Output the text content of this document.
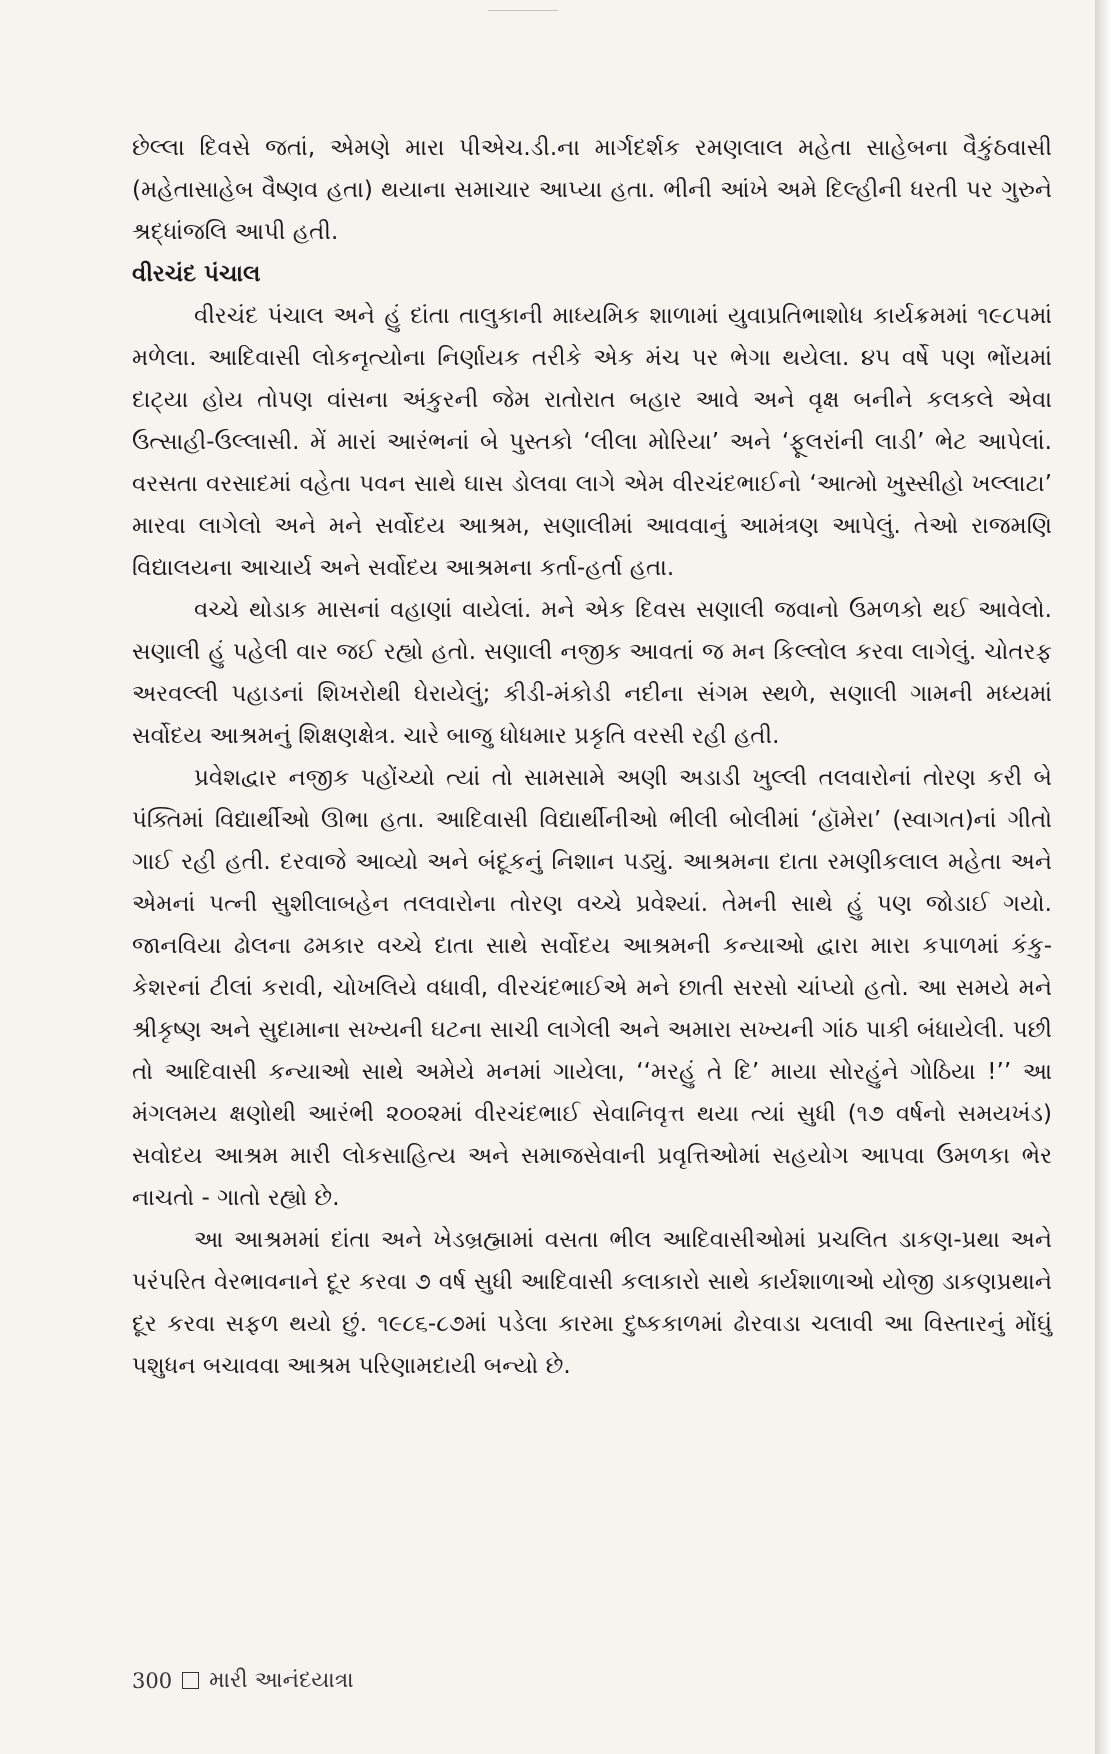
છેલ્લા દિવસે જતાં, એમણે મારા પીએચ.ડી.ના માર્ગદર્શક રમણલાલ મહેતા સાહેબના વૈકુંઠવાસી (મહેતાસાહેબ વૈષ્ણવ હતા) થયાના સમાચાર આપ્યા હતા. ભીની આંખે અમે દિલ્હીની ધરતી પર ગુરુને શ્રદ્ધાંજલિ આપી હતી.

વીરચંદ પંચાલ

વીરચંદ પંચાલ અને હું દાંતા તાલુકાની માધ્યમિક શાળામાં યુવાપ્રતિભાશોધ કાર્યક્રમમાં ૧૯૮૫માં મળેલા. આદિવાસી લોકનૃત્યોના નિર્ણાયક તરીકે એક મંચ પર ભેગા થયેલા. ૪૫ વર્ષે પણ ભોંયમાં દાટ્યા હોય તોપણ વાંસના અંકુરની જેમ રાતોરાત બહાર આવે અને વૃક્ષ બનીને કલકલે એવા ઉત્સાહી-ઉલ્લાસી. મેં મારાં આરંભનાં બે પુસ્તકો ‘લીલા મોરિયા’ અને ‘ફૂલરાંની લાડી’ ભેટ આપેલાં. વરસતા વરસાદમાં વહેતા પવન સાથે ઘાસ ડોલવા લાગે એમ વીરચંદભાઈનો ‘આત્મો ખુસ્સીહો ખલ્લાટા’ મારવા લાગેલો અને મને સર્વોદય આશ્રમ, સણાલીમાં આવવાનું આમંત્રણ આપેલું. તેઓ રાજમણિ વિદ્યાલયના આચાર્ય અને સર્વોદય આશ્રમના કર્તા-હર્તા હતા.

વચ્ચે થોડાક માસનાં વહાણાં વાયેલાં. મને એક દિવસ સણાલી જવાનો ઉમળકો થઈ આવેલો. સણાલી હું પહેલી વાર જઈ રહ્યો હતો. સણાલી નજીક આવતાં જ મન કિલ્લોલ કરવા લાગેલું. ચોતરફ અરવલ્લી પહાડનાં શિખરોથી ઘેરાયેલું; કીડી-મંકોડી નદીના સંગમ સ્થળે, સણાલી ગામની મધ્યમાં સર્વોદય આશ્રમનું શિક્ષણક્ષેત્ર. ચારે બાજુ ધોધમાર પ્રકૃતિ વરસી રહી હતી.

પ્રવેશદ્વાર નજીક પહોંચ્યો ત્યાં તો સામસામે અણી અડાડી ખુલ્લી તલવારોનાં તોરણ કરી બે પંક્તિમાં વિદ્યાર્થીઓ ઊભા હતા. આદિવાસી વિદ્યાર્થીનીઓ ભીલી બોલીમાં ‘હૉમેરા’ (સ્વાગત)નાં ગીતો ગાઈ રહી હતી. દરવાજે આવ્યો અને બંદૂકનું નિશાન પડ્યું. આશ્રમના દાતા રમણીકલાલ મહેતા અને એમનાં પત્ની સુશીલાબહેન તલવારોના તોરણ વચ્ચે પ્રવેશ્યાં. તેમની સાથે હું પણ જોડાઈ ગયો. જાનવિયા ઢોલના ઢમકાર વચ્ચે દાતા સાથે સર્વોદય આશ્રમની કન્યાઓ દ્વારા મારા કપાળમાં કંકુ-કેશરનાં ટીલાં કરાવી, ચોખલિયે વધાવી, વીરચંદભાઈએ મને છાતી સરસો ચાંપ્યો હતો. આ સમયે મને શ્રીકૃષ્ણ અને સુદામાના સખ્યની ઘટના સાચી લાગેલી અને અમારા સખ્યની ગાંઠ પાકી બંધાયેલી. પછી તો આદિવાસી કન્યાઓ સાથે અમેયે મનમાં ગાયેલા, ‘‘મરહું તે દિ’ માયા સોરહુંને ગોઠિયા !’’ આ મંગલમય ક્ષણોથી આરંભી ૨૦૦૨માં વીરચંદભાઈ સેવાનિવૃત્ત થયા ત્યાં સુધી (૧૭ વર્ષનો સમયખંડ) સવોદય આશ્રમ મારી લોકસાહિત્ય અને સમાજસેવાની પ્રવૃત્તિઓમાં સહયોગ આપવા ઉમળકા ભેર નાચતો - ગાતો રહ્યો છે.

આ આશ્રમમાં દાંતા અને ખેડબ્રહ્મામાં વસતા ભીલ આદિવાસીઓમાં પ્રચલિત ડાકણ-પ્રથા અને પરંપરિત વેરભાવનાને દૂર કરવા ૭ વર્ષ સુધી આદિવાસી કલાકારો સાથે કાર્યશાળાઓ યોજી ડાકણપ્રથાને દૂર કરવા સફળ થયો છું. ૧૯૮૬-૮૭માં પડેલા કારમા દુષ્કકાળમાં ઢોરવાડા ચલાવી આ વિસ્તારનું મોંઘું પશુધન બચાવવા આશ્રમ પરિણામદાયી બન્યો છે.

300 મારી આનંદયાત્રા
